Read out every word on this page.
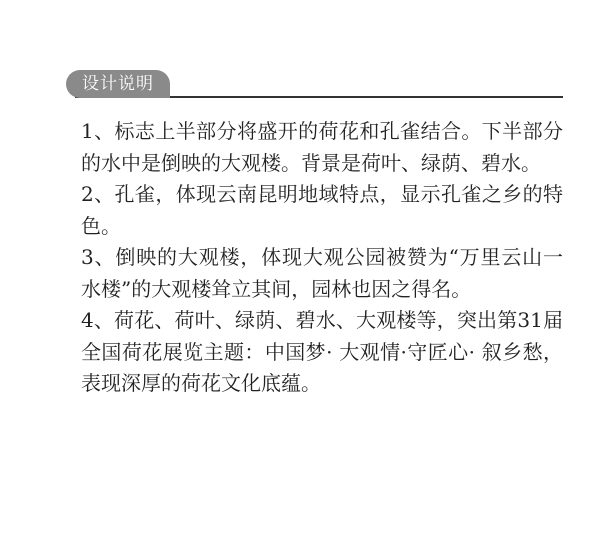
设计说明

1、标志上半部分将盛开的荷花和孔雀结合。下半部分的水中是倒映的大观楼。背景是荷叶、绿荫、碧水。

2、孔雀，体现云南昆明地域特点，显示孔雀之乡的特色。

3、倒映的大观楼，体现大观公园被赞为“万里云山一水楼”的大观楼耸立其间，园林也因之得名。

4、荷花、荷叶、绿荫、碧水、大观楼等，突出第31届全国荷花展览主题：中国梦· 大观情·守匠心· 叙乡愁，表现深厚的荷花文化底蕴。
